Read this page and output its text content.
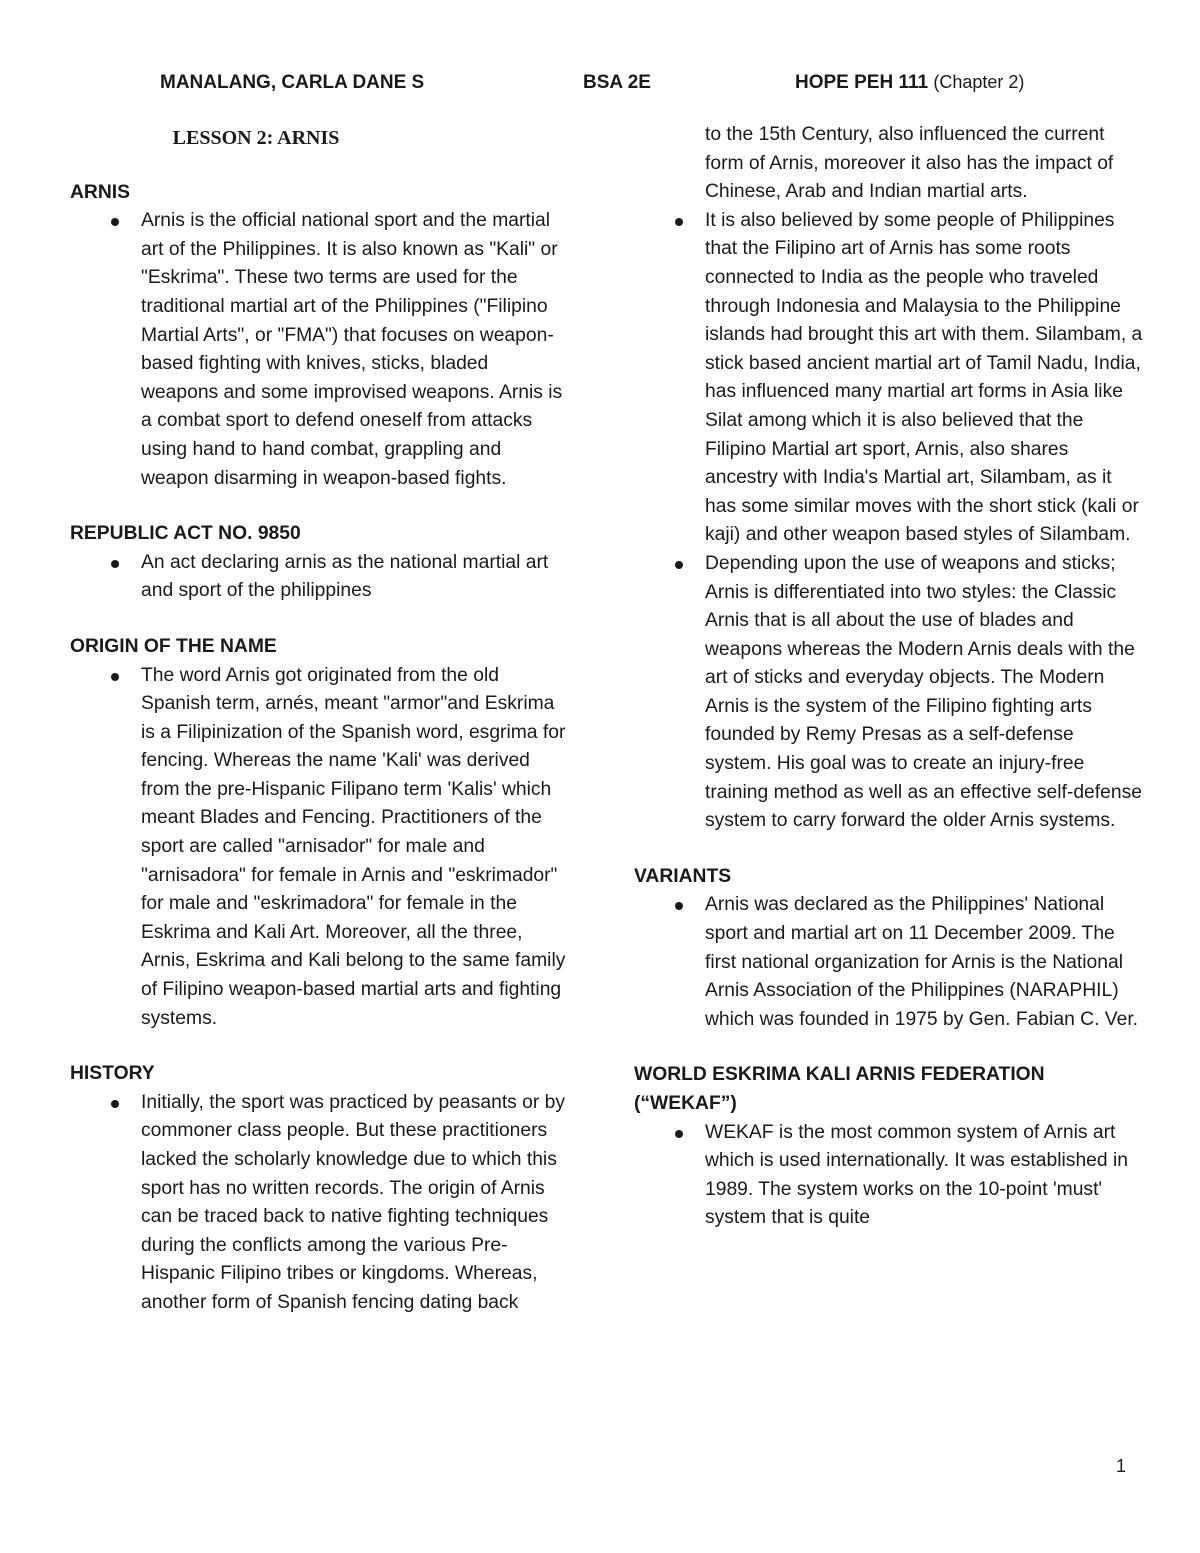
MANALANG, CARLA DANE S	BSA 2E	HOPE PEH 111 (Chapter 2)
LESSON 2: ARNIS

ARNIS

Arnis is the official national sport and the martial art of the Philippines. It is also known as "Kali" or "Eskrima". These two terms are used for the traditional martial art of the Philippines ("Filipino Martial Arts", or "FMA") that focuses on weapon-based fighting with knives, sticks, bladed weapons and some improvised weapons. Arnis is a combat sport to defend oneself from attacks using hand to hand combat, grappling and weapon disarming in weapon-based fights.

REPUBLIC ACT NO. 9850

An act declaring arnis as the national martial art and sport of the philippines

ORIGIN OF THE NAME

The word Arnis got originated from the old Spanish term, arnés, meant "armor"and Eskrima is a Filipinization of the Spanish word, esgrima for fencing. Whereas the name 'Kali' was derived from the pre-Hispanic Filipano term 'Kalis' which meant Blades and Fencing. Practitioners of the sport are called "arnisador" for male and "arnisadora" for female in Arnis and "eskrimador" for male and "eskrimadora" for female in the Eskrima and Kali Art. Moreover, all the three, Arnis, Eskrima and Kali belong to the same family of Filipino weapon-based martial arts and fighting systems.

HISTORY

Initially, the sport was practiced by peasants or by commoner class people. But these practitioners lacked the scholarly knowledge due to which this sport has no written records. The origin of Arnis can be traced back to native fighting techniques during the conflicts among the various Pre-Hispanic Filipino tribes or kingdoms. Whereas, another form of Spanish fencing dating back

to the 15th Century, also influenced the current form of Arnis, moreover it also has the impact of Chinese, Arab and Indian martial arts.

It is also believed by some people of Philippines that the Filipino art of Arnis has some roots connected to India as the people who traveled through Indonesia and Malaysia to the Philippine islands had brought this art with them. Silambam, a stick based ancient martial art of Tamil Nadu, India, has influenced many martial art forms in Asia like Silat among which it is also believed that the Filipino Martial art sport, Arnis, also shares ancestry with India's Martial art, Silambam, as it has some similar moves with the short stick (kali or kaji) and other weapon based styles of Silambam.
Depending upon the use of weapons and sticks; Arnis is differentiated into two styles: the Classic Arnis that is all about the use of blades and weapons whereas the Modern Arnis deals with the art of sticks and everyday objects. The Modern Arnis is the system of the Filipino fighting arts founded by Remy Presas as a self-defense system. His goal was to create an injury-free training method as well as an effective self-defense system to carry forward the older Arnis systems.

VARIANTS

Arnis was declared as the Philippines' National sport and martial art on 11 December 2009. The first national organization for Arnis is the National Arnis Association of the Philippines (NARAPHIL) which was founded in 1975 by Gen. Fabian C. Ver.

WORLD ESKRIMA KALI ARNIS FEDERATION (“WEKAF”)

WEKAF is the most common system of Arnis art which is used internationally. It was established in 1989. The system works on the 10-point 'must' system that is quite
1
